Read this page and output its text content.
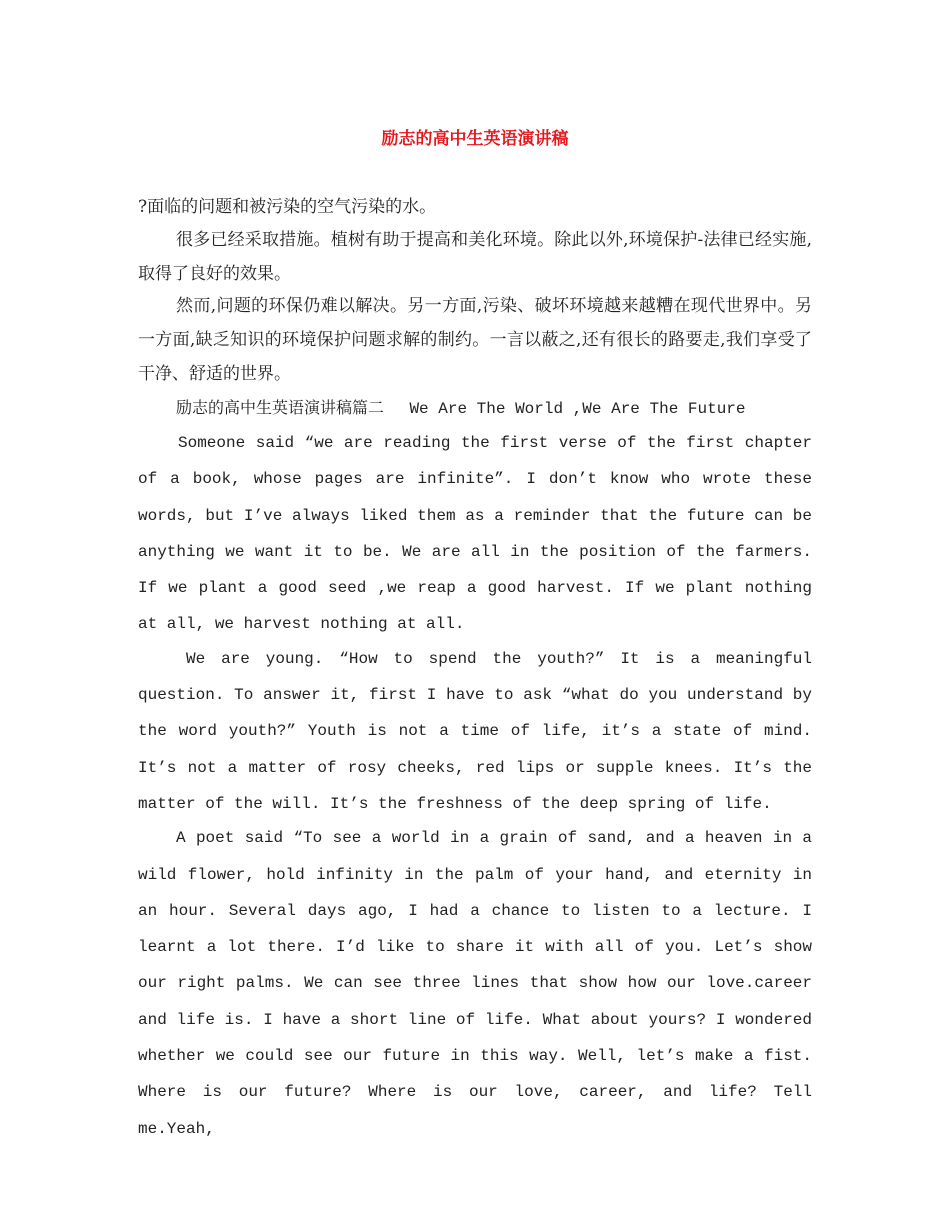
励志的高中生英语演讲稿

?面临的问题和被污染的空气污染的水。

很多已经采取措施。植树有助于提高和美化环境。除此以外,环境保护-法律已经实施,取得了良好的效果。

然而,问题的环保仍难以解决。另一方面,污染、破坏环境越来越糟在现代世界中。另一方面,缺乏知识的环境保护问题求解的制约。一言以蔽之,还有很长的路要走,我们享受了干净、舒适的世界。

励志的高中生英语演讲稿篇二 We Are The World ,We Are The Future

Someone said “we are reading the first verse of the first chapter of a book, whose pages are infinite”. I don’t know who wrote these words, but I’ve always liked them as a reminder that the future can be anything we want it to be. We are all in the position of the farmers. If we plant a good seed ,we reap a good harvest. If we plant nothing at all, we harvest nothing at all.

We are young. “How to spend the youth?” It is a meaningful question. To answer it, first I have to ask “what do you understand by the word youth?” Youth is not a time of life, it’s a state of mind. It’s not a matter of rosy cheeks, red lips or supple knees. It’s the matter of the will. It’s the freshness of the deep spring of life.

A poet said “To see a world in a grain of sand, and a heaven in a wild flower, hold infinity in the palm of your hand, and eternity in an hour. Several days ago, I had a chance to listen to a lecture. I learnt a lot there. I’d like to share it with all of you. Let’s show our right palms. We can see three lines that show how our love.career and life is. I have a short line of life. What about yours? I wondered whether we could see our future in this way. Well, let’s make a fist. Where is our future? Where is our love, career, and life? Tell me.Yeah,
